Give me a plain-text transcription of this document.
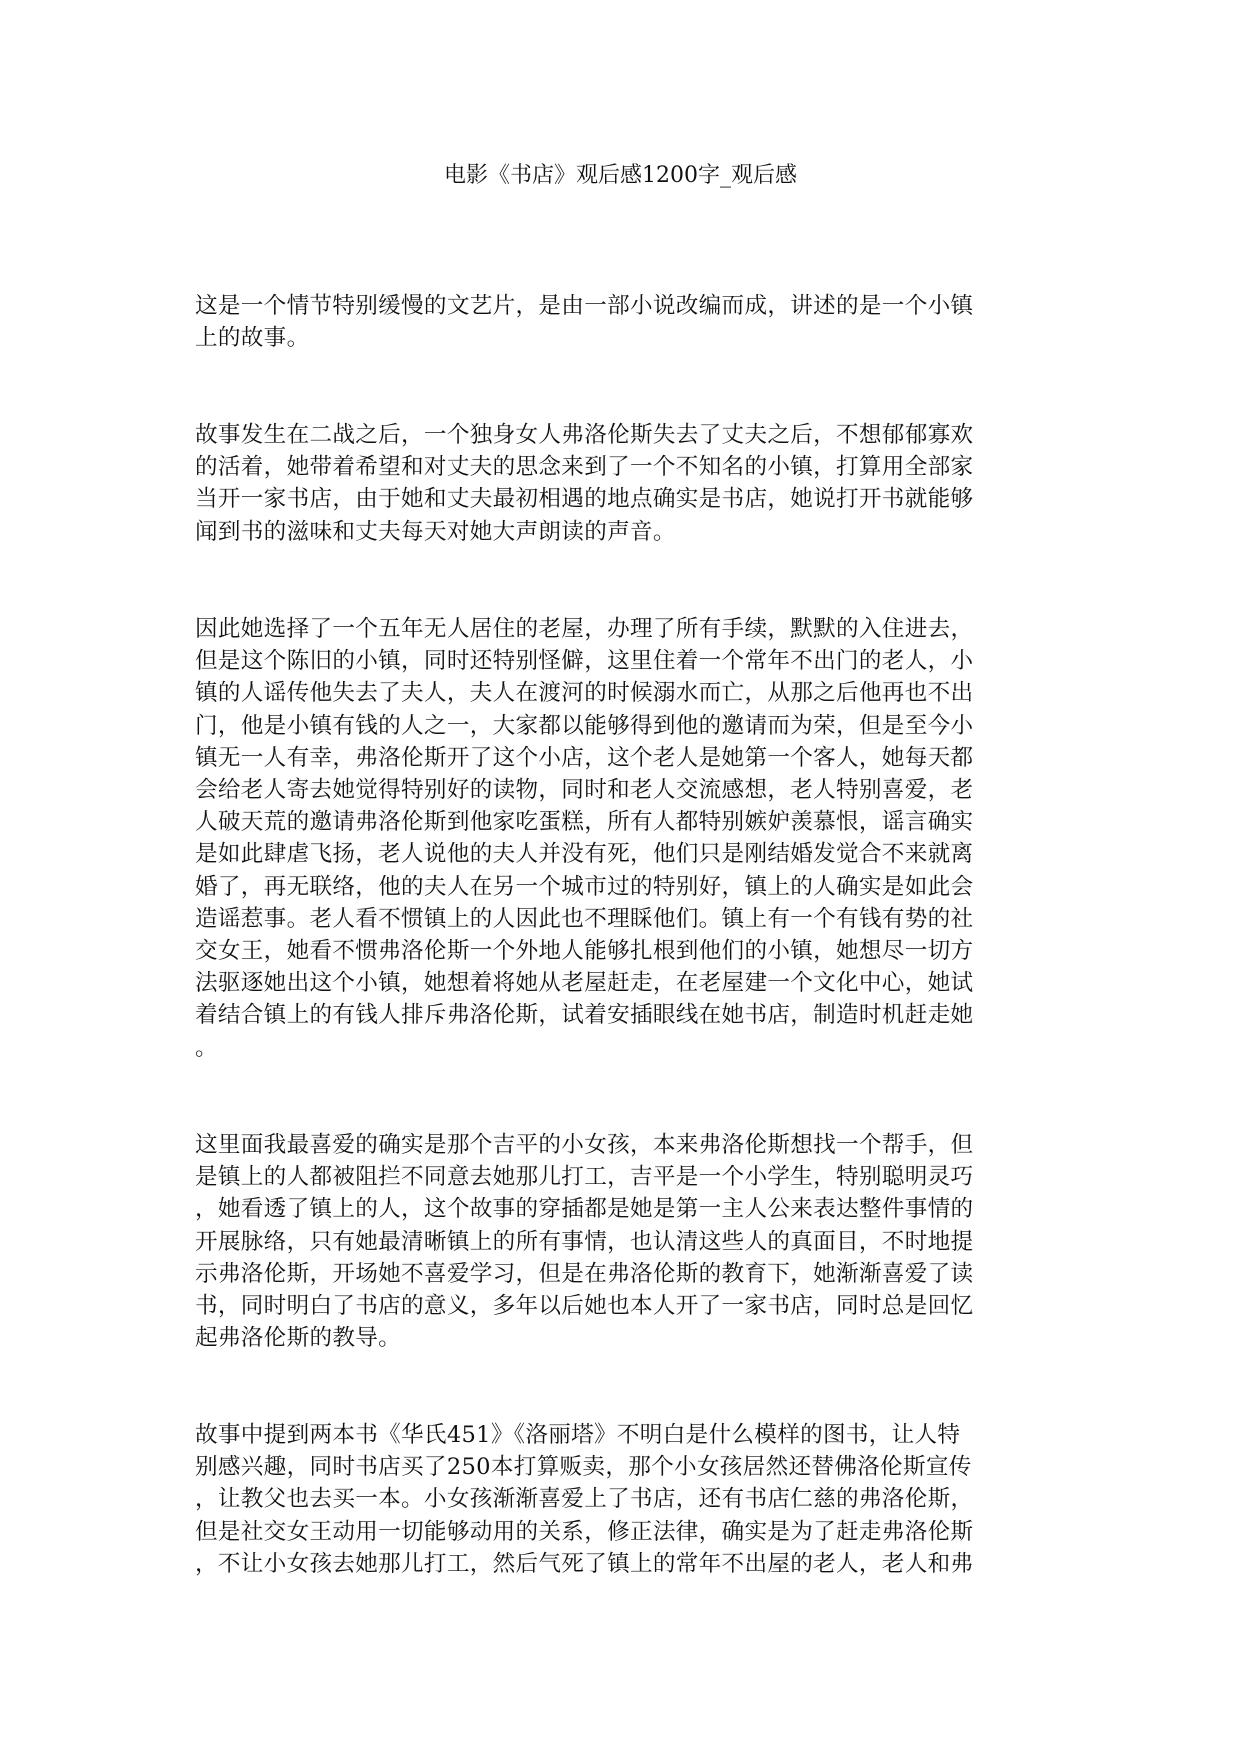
电影《书店》观后感1200字_观后感

这是一个情节特别缓慢的文艺片，是由一部小说改编而成，讲述的是一个小镇
上的故事。

故事发生在二战之后，一个独身女人弗洛伦斯失去了丈夫之后，不想郁郁寡欢
的活着，她带着希望和对丈夫的思念来到了一个不知名的小镇，打算用全部家
当开一家书店，由于她和丈夫最初相遇的地点确实是书店，她说打开书就能够
闻到书的滋味和丈夫每天对她大声朗读的声音。

因此她选择了一个五年无人居住的老屋，办理了所有手续，默默的入住进去，
但是这个陈旧的小镇，同时还特别怪僻，这里住着一个常年不出门的老人，小
镇的人谣传他失去了夫人，夫人在渡河的时候溺水而亡，从那之后他再也不出
门，他是小镇有钱的人之一，大家都以能够得到他的邀请而为荣，但是至今小
镇无一人有幸，弗洛伦斯开了这个小店，这个老人是她第一个客人，她每天都
会给老人寄去她觉得特别好的读物，同时和老人交流感想，老人特别喜爱，老
人破天荒的邀请弗洛伦斯到他家吃蛋糕，所有人都特别嫉妒羡慕恨，谣言确实
是如此肆虐飞扬，老人说他的夫人并没有死，他们只是刚结婚发觉合不来就离
婚了，再无联络，他的夫人在另一个城市过的特别好，镇上的人确实是如此会
造谣惹事。老人看不惯镇上的人因此也不理睬他们。镇上有一个有钱有势的社
交女王，她看不惯弗洛伦斯一个外地人能够扎根到他们的小镇，她想尽一切方
法驱逐她出这个小镇，她想着将她从老屋赶走，在老屋建一个文化中心，她试
着结合镇上的有钱人排斥弗洛伦斯，试着安插眼线在她书店，制造时机赶走她
。

这里面我最喜爱的确实是那个吉平的小女孩，本来弗洛伦斯想找一个帮手，但
是镇上的人都被阻拦不同意去她那儿打工，吉平是一个小学生，特别聪明灵巧
，她看透了镇上的人，这个故事的穿插都是她是第一主人公来表达整件事情的
开展脉络，只有她最清晰镇上的所有事情，也认清这些人的真面目，不时地提
示弗洛伦斯，开场她不喜爱学习，但是在弗洛伦斯的教育下，她渐渐喜爱了读
书，同时明白了书店的意义，多年以后她也本人开了一家书店，同时总是回忆
起弗洛伦斯的教导。

故事中提到两本书《华氏451》《洛丽塔》不明白是什么模样的图书，让人特
别感兴趣，同时书店买了250本打算贩卖，那个小女孩居然还替佛洛伦斯宣传
，让教父也去买一本。小女孩渐渐喜爱上了书店，还有书店仁慈的弗洛伦斯，
但是社交女王动用一切能够动用的关系，修正法律，确实是为了赶走弗洛伦斯
，不让小女孩去她那儿打工，然后气死了镇上的常年不出屋的老人，老人和弗
